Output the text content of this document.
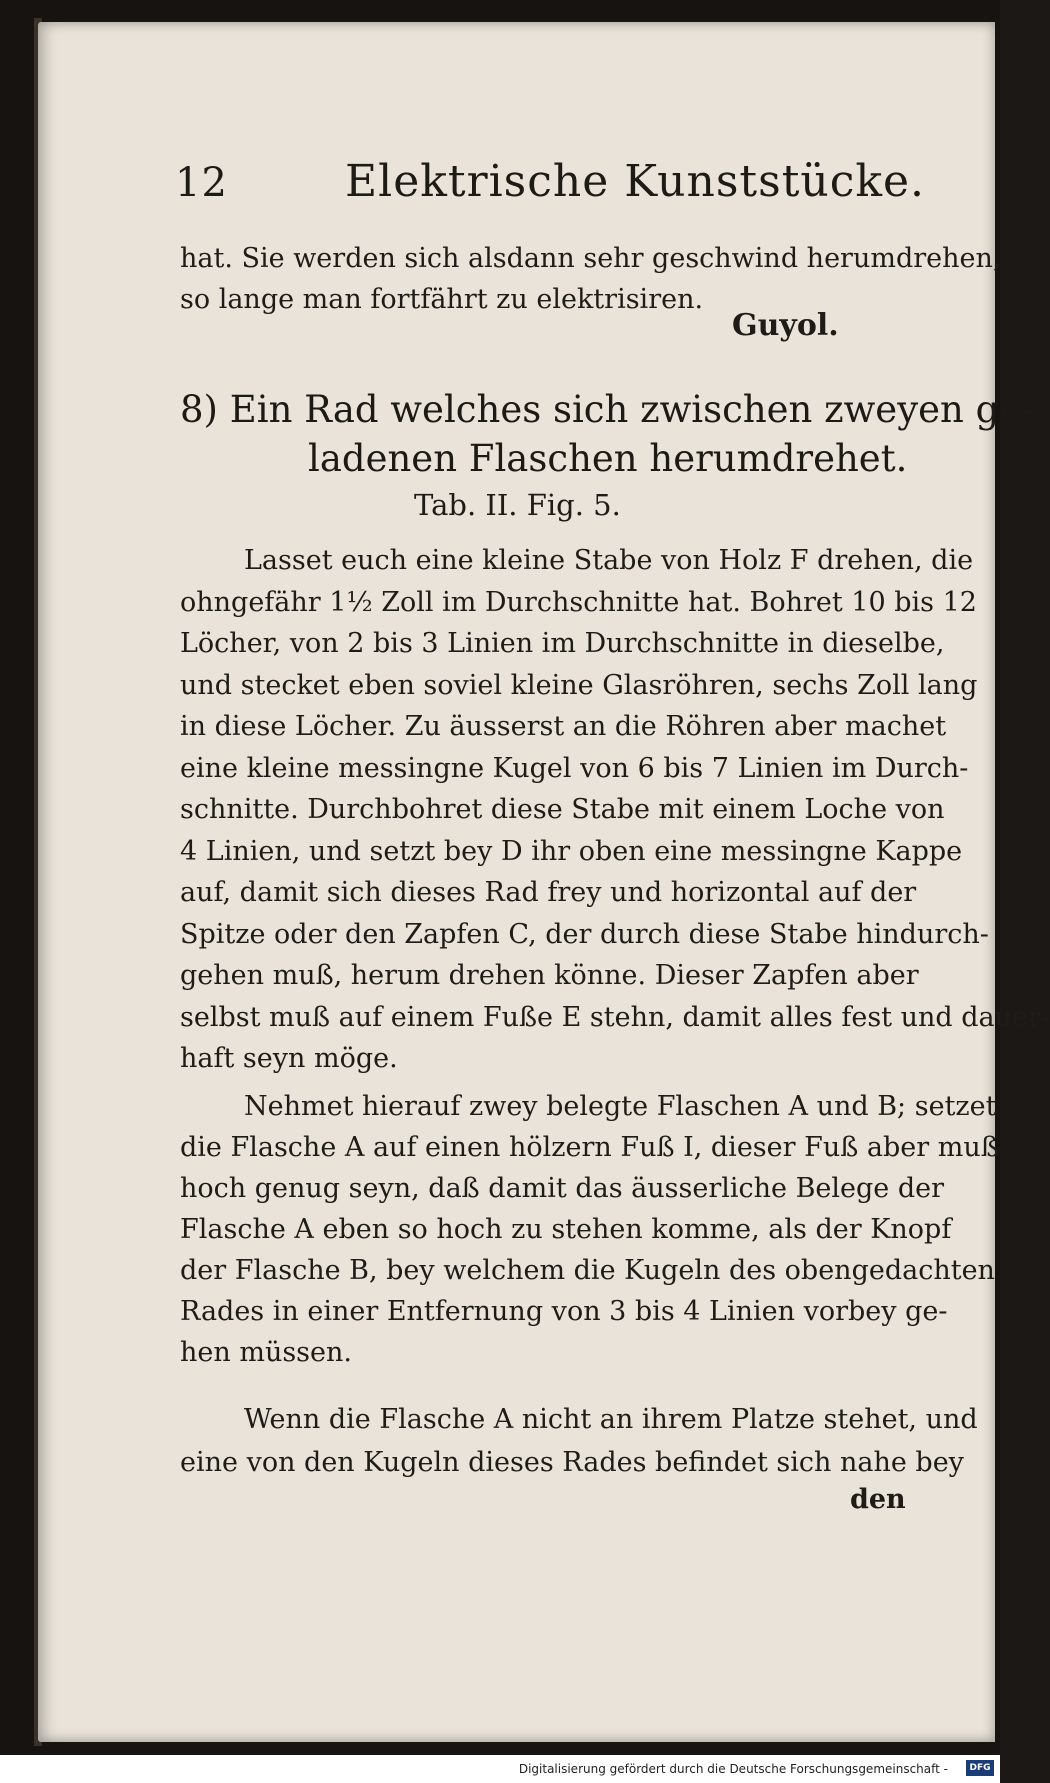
12	Elektrische Kunststücke.
hat. Sie werden sich alsdann sehr geschwind herumdrehen,
so lange man fortfährt zu elektrisiren.
Guyol.
8) Ein Rad welches sich zwischen zweyen ge-
ladenen Flaschen herumdrehet.
Tab. II. Fig. 5.
Lasset euch eine kleine Stabe von Holz F drehen, die
ohngefähr 1½ Zoll im Durchschnitte hat. Bohret 10 bis 12
Löcher, von 2 bis 3 Linien im Durchschnitte in dieselbe,
und stecket eben soviel kleine Glasröhren, sechs Zoll lang
in diese Löcher. Zu äusserst an die Röhren aber machet
eine kleine messingne Kugel von 6 bis 7 Linien im Durch-
schnitte. Durchbohret diese Stabe mit einem Loche von
4 Linien, und setzt bey D ihr oben eine messingne Kappe
auf, damit sich dieses Rad frey und horizontal auf der
Spitze oder den Zapfen C, der durch diese Stabe hindurch-
gehen muß, herum drehen könne. Dieser Zapfen aber
selbst muß auf einem Fuße E stehn, damit alles fest und dauer-
haft seyn möge.
Nehmet hierauf zwey belegte Flaschen A und B; setzet
die Flasche A auf einen hölzern Fuß I, dieser Fuß aber muß
hoch genug seyn, daß damit das äusserliche Belege der
Flasche A eben so hoch zu stehen komme, als der Knopf
der Flasche B, bey welchem die Kugeln des obengedachten
Rades in einer Entfernung von 3 bis 4 Linien vorbey ge-
hen müssen.
Wenn die Flasche A nicht an ihrem Platze stehet, und
eine von den Kugeln dieses Rades befindet sich nahe bey
den
Digitalisierung gefördert durch die Deutsche Forschungsgemeinschaft -	DFG
